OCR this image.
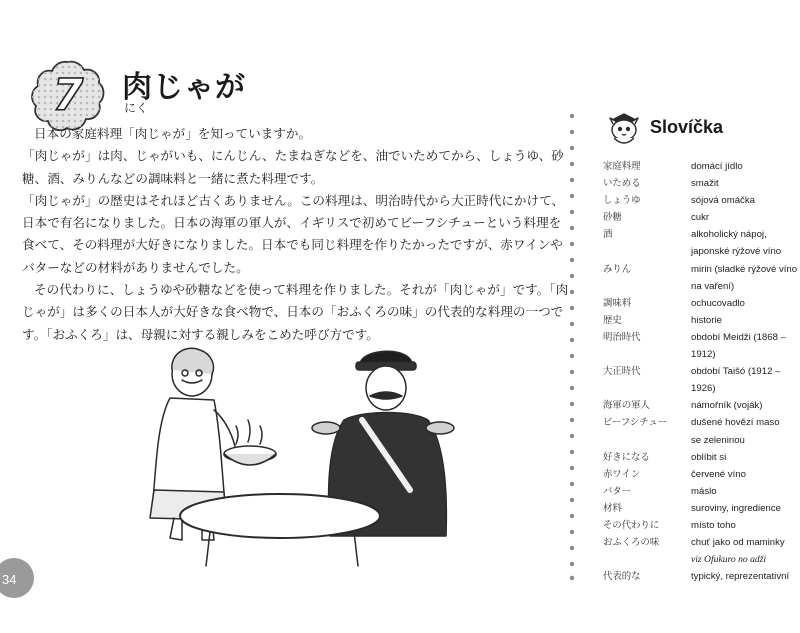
7	肉じゃが
にく
日本の家庭料理「肉じゃが」を知っていますか。
「肉じゃが」は肉、じゃがいも、にんじん、たまねぎなどを、油でいためてから、しょうゆ、砂
糖、酒、みりんなどの調味料と一緒に煮た料理です。
「肉じゃが」の歴史はそれほど古くありません。この料理は、明治時代から大正時代にかけて、
日本で有名になりました。日本の海軍の軍人が、イギリスで初めてビーフシチューという料理を
食べて、その料理が大好きになりました。日本でも同じ料理を作りたかったですが、赤ワインや
バターなどの材料がありませんでした。
その代わりに、しょうゆや砂糖などを使って料理を作りました。それが「肉じゃが」です。「肉
じゃが」は多くの日本人が大好きな食べ物で、日本の「おふくろの味」の代表的な料理の一つで
す。「おふくろ」は、母親に対する親しみをこめた呼び方です。
Slovíčka
家庭料理	domácí jídlo
いためる	smažit
しょうゆ	sójová omáčka
砂糖	cukr
酒	alkoholický nápoj,
japonské rýžové víno
みりん	mirin (sladké rýžové víno
na vaření)
調味料	ochucovadlo
歴史	historie
明治時代	období Meidži (1868 –
1912)
大正時代	období Taišó (1912 –
1926)
海軍の軍人	námořník (voják)
ビーフシチュー dušené hovězí maso
se zeleninou
好きになる	oblíbit si
赤ワイン	červené víno
バター	máslo
材料	suroviny, ingredience
その代わりに	místo toho
おふくろの味	chuť jako od maminky
viz Ofukuro no adži
代表的な	typický, reprezentativní
34
